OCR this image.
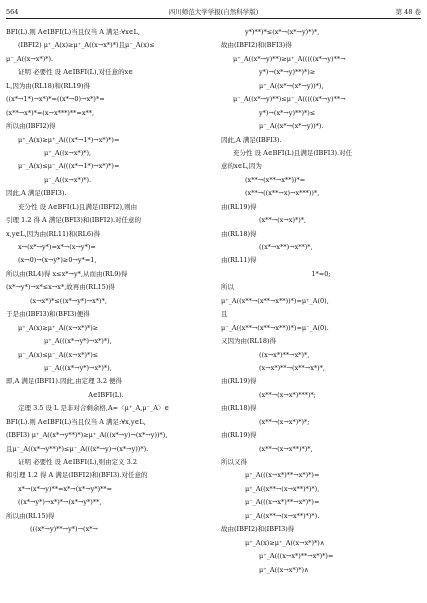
564	四川师范大学学报(自然科学版)	第 48 卷
BFI(L).则 A∈IBFI(L)当且仅当 A 满足:∀x∈L,
(IBFI2) μ⁺_A(x)≥μ⁺_A((x→x*)*)且μ⁻_A(x)≤
μ⁻_A((x→x*)*).
证明 必要性 设 A∈IBFI(L),对任意的x∈
L,因为由(RL18)和(RL19)得
((x*→1*)→x*)*=((x*→0)→x*)*=
(x**→x*)*=(x→x***)**=x**,
所以由(IBFI2)得
μ⁺_A(x)≥μ⁺_A(((x*→1*)→x*)*)=
μ⁺_A((x→x*)*),
μ⁻_A(x)≤μ⁻_A(((x*→1*)→x*)*)=
μ⁻_A((x→x*)*).
因此,A 满足(IBFI3).
充分性 设 A∈BFI(L)且满足(IBFI2),则由
引理 1.2 得 A 满足(BFI3)和(IBFI2).对任意的
x,y∈L,因为由(RL11)和(RL6)得
x→(x*→y*)=x*→(x→y*)=
(x→0)→(x→y*)≥0→y*=1,
所以由(RL4)得 x≤x*→y*,从而由(RL9)得
(x*→y*)→x*≤x→x*,故再由(RL15)得
(x→x*)*≤((x*→y*)→x*)*,
于是由(IBFI3)和(BFI3)便得
μ⁺_A(x)≥μ⁺_A((x→x*)*)≥
μ⁺_A(((x*→y*)→x*)*),
μ⁻_A(x)≤μ⁻_A((x→x*)*)≤
μ⁻_A(((x*→y*)→x*)*),
即,A 满足(IBFI1).因此,由定理 3.2 便得
A∈IBFI(L).
定理 3.5 设 L 是非对合剩余格,A=〈μ⁺_A,μ⁻_A〉∈
BFI(L).则 A∈IBFI(L)当且仅当 A 满足:∀x,y∈L,
(IBFI3) μ⁺_A((x*→y**)*)≥μ⁺_A(((x*→y)→(x*→y))*),
且μ⁻_A((x*→y**)*)≤μ⁻_A(((x*→y)→(x*→y))*).
证明 必要性 设 A∈IBFI(L),则由定义 3.2
和引理 1.2 得 A 满足(IBFI2)和(BFI3).对任意的
x*→(x*→y)**=x*→(x*→y*)**=
((x*→y*)→x*)*→(x*→y*)**,
所以由(RL15)得
(((x*→y)**→y*)→(x*→
y*)**)*≤(x*→(x*→y)*)*,
故由(IBFI2)和(BFI3)得
μ⁺_A((x*→y)**)≥μ⁺_A(((((x*→y)**→
y*)→(x*→y)**)*)≥
μ⁺_A((x*→(x*→y))*),
μ⁻_A((x*→y)**)≤μ⁻_A(((((x*→y)**→
y*)→(x*→y)**)*)≤
μ⁻_A((x*→(x*→y))*).
因此,A 满足(IBFI3).
充分性 设 A∈BFI(L)且满足(IBFI3).对任
意的x∈L,因为
(x**→(x**→x**))*=
(x**→((x**→x)→x***))*,
由(RL19)得
(x**→(x→x)*)*,
由(RL18)得
((x*→x**)→x**)*,
由(RL11)得
1*=0;
所以
μ⁺_A((x**→(x**→x**))*)=μ⁺_A(0),
且
μ⁻_A((x**→(x**→x**))*)=μ⁻_A(0).
又因为由(RL18)得
((x→x*)**→x*)*,
(x→x*)**→(x**→x*)*,
由(RL19)得
(x**→(x→x*)***)*;
由(RL18)得
(x**→(x→x*)*)*;
由(RL19)得
(x**→(x→x**)*)*,
所以又得
μ⁺_A(((x→x*)**→x*)*)=
μ⁺_A((x**→(x→x**)*)*),
μ⁻_A(((x→x*)**→x*)*)=
μ⁻_A((x**→(x→x**)*)*).
故由(IBFI2)和(IBFI3)得
μ⁺_A(x)≥μ⁺_A((x→x*)*)∧
μ⁺_A(((x→x*)**→x*)*)=
μ⁺_A((x→x*)*)∧
